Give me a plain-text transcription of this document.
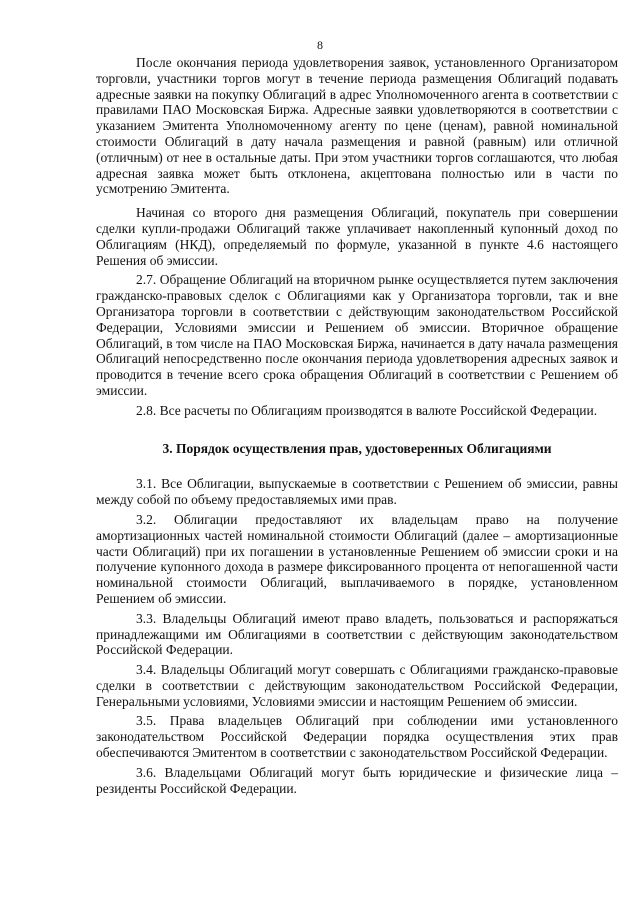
8

После окончания периода удовлетворения заявок, установленного Организатором торговли, участники торгов могут в течение периода размещения Облигаций подавать адресные заявки на покупку Облигаций в адрес Уполномоченного агента в соответствии с правилами ПАО Московская Биржа. Адресные заявки удовлетворяются в соответствии с указанием Эмитента Уполномоченному агенту по цене (ценам), равной номинальной стоимости Облигаций в дату начала размещения и равной (равным) или отличной (отличным) от нее в остальные даты. При этом участники торгов соглашаются, что любая адресная заявка может быть отклонена, акцептована полностью или в части по усмотрению Эмитента.

Начиная со второго дня размещения Облигаций, покупатель при совершении сделки купли-продажи Облигаций также уплачивает накопленный купонный доход по Облигациям (НКД), определяемый по формуле, указанной в пункте 4.6 настоящего Решения об эмиссии.

2.7. Обращение Облигаций на вторичном рынке осуществляется путем заключения гражданско-правовых сделок с Облигациями как у Организатора торговли, так и вне Организатора торговли в соответствии с действующим законодательством Российской Федерации, Условиями эмиссии и Решением об эмиссии. Вторичное обращение Облигаций, в том числе на ПАО Московская Биржа, начинается в дату начала размещения Облигаций непосредственно после окончания периода удовлетворения адресных заявок и проводится в течение всего срока обращения Облигаций в соответствии с Решением об эмиссии.

2.8. Все расчеты по Облигациям производятся в валюте Российской Федерации.

3. Порядок осуществления прав, удостоверенных Облигациями

3.1. Все Облигации, выпускаемые в соответствии с Решением об эмиссии, равны между собой по объему предоставляемых ими прав.

3.2. Облигации предоставляют их владельцам право на получение амортизационных частей номинальной стоимости Облигаций (далее – амортизационные части Облигаций) при их погашении в установленные Решением об эмиссии сроки и на получение купонного дохода в размере фиксированного процента от непогашенной части номинальной стоимости Облигаций, выплачиваемого в порядке, установленном Решением об эмиссии.

3.3. Владельцы Облигаций имеют право владеть, пользоваться и распоряжаться принадлежащими им Облигациями в соответствии с действующим законодательством Российской Федерации.

3.4. Владельцы Облигаций могут совершать с Облигациями гражданско-правовые сделки в соответствии с действующим законодательством Российской Федерации, Генеральными условиями, Условиями эмиссии и настоящим Решением об эмиссии.

3.5. Права владельцев Облигаций при соблюдении ими установленного законодательством Российской Федерации порядка осуществления этих прав обеспечиваются Эмитентом в соответствии с законодательством Российской Федерации.

3.6. Владельцами Облигаций могут быть юридические и физические лица – резиденты Российской Федерации.
